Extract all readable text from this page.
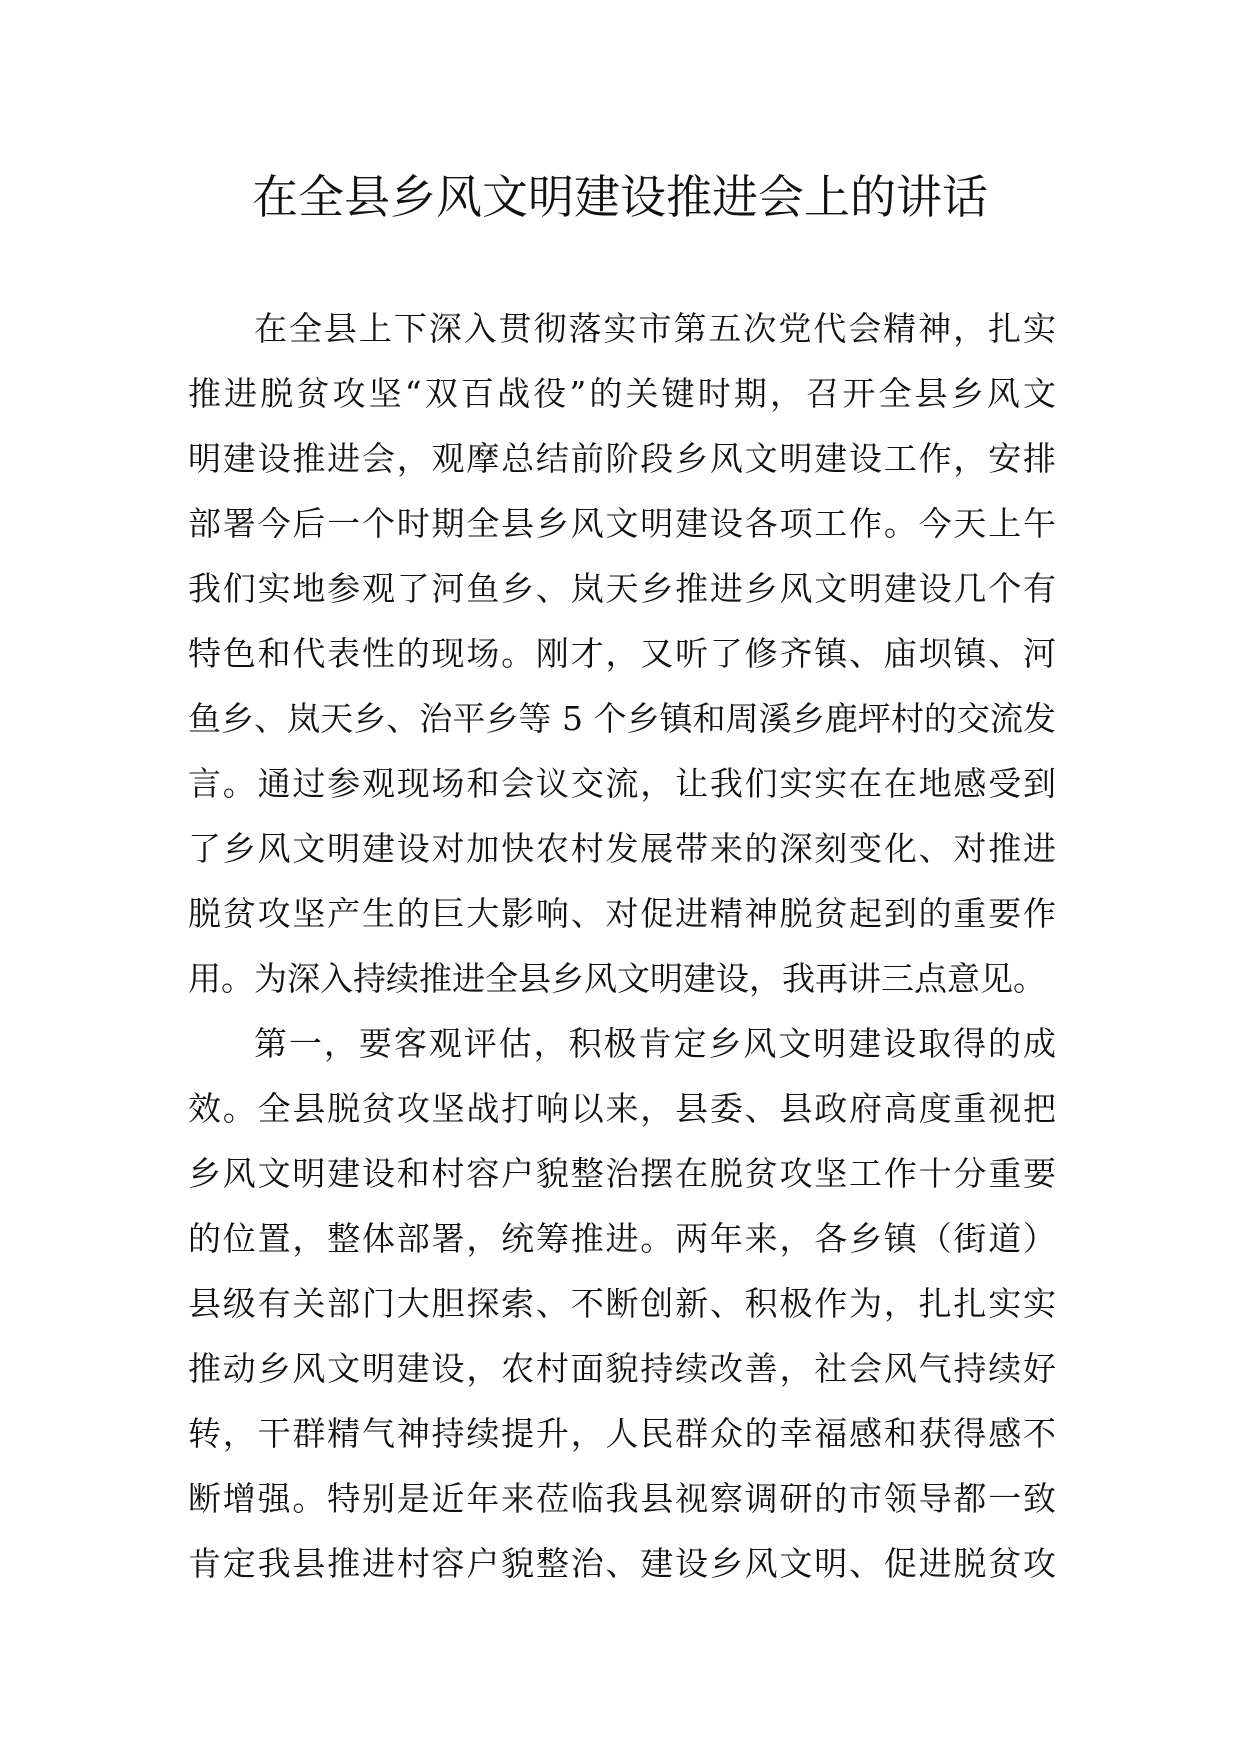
在全县乡风文明建设推进会上的讲话
在全县上下深入贯彻落实市第五次党代会精神，扎实
推进脱贫攻坚“双百战役”的关键时期，召开全县乡风文
明建设推进会，观摩总结前阶段乡风文明建设工作，安排
部署今后一个时期全县乡风文明建设各项工作。今天上午
我们实地参观了河鱼乡、岚天乡推进乡风文明建设几个有
特色和代表性的现场。刚才，又听了修齐镇、庙坝镇、河
鱼乡、岚天乡、治平乡等 5 个乡镇和周溪乡鹿坪村的交流发
言。通过参观现场和会议交流，让我们实实在在地感受到
了乡风文明建设对加快农村发展带来的深刻变化、对推进
脱贫攻坚产生的巨大影响、对促进精神脱贫起到的重要作
用。为深入持续推进全县乡风文明建设，我再讲三点意见。
第一，要客观评估，积极肯定乡风文明建设取得的成
效。全县脱贫攻坚战打响以来，县委、县政府高度重视把
乡风文明建设和村容户貌整治摆在脱贫攻坚工作十分重要
的位置，整体部署，统筹推进。两年来，各乡镇（街道）
县级有关部门大胆探索、不断创新、积极作为，扎扎实实
推动乡风文明建设，农村面貌持续改善，社会风气持续好
转，干群精气神持续提升，人民群众的幸福感和获得感不
断增强。特别是近年来莅临我县视察调研的市领导都一致
肯定我县推进村容户貌整治、建设乡风文明、促进脱贫攻
